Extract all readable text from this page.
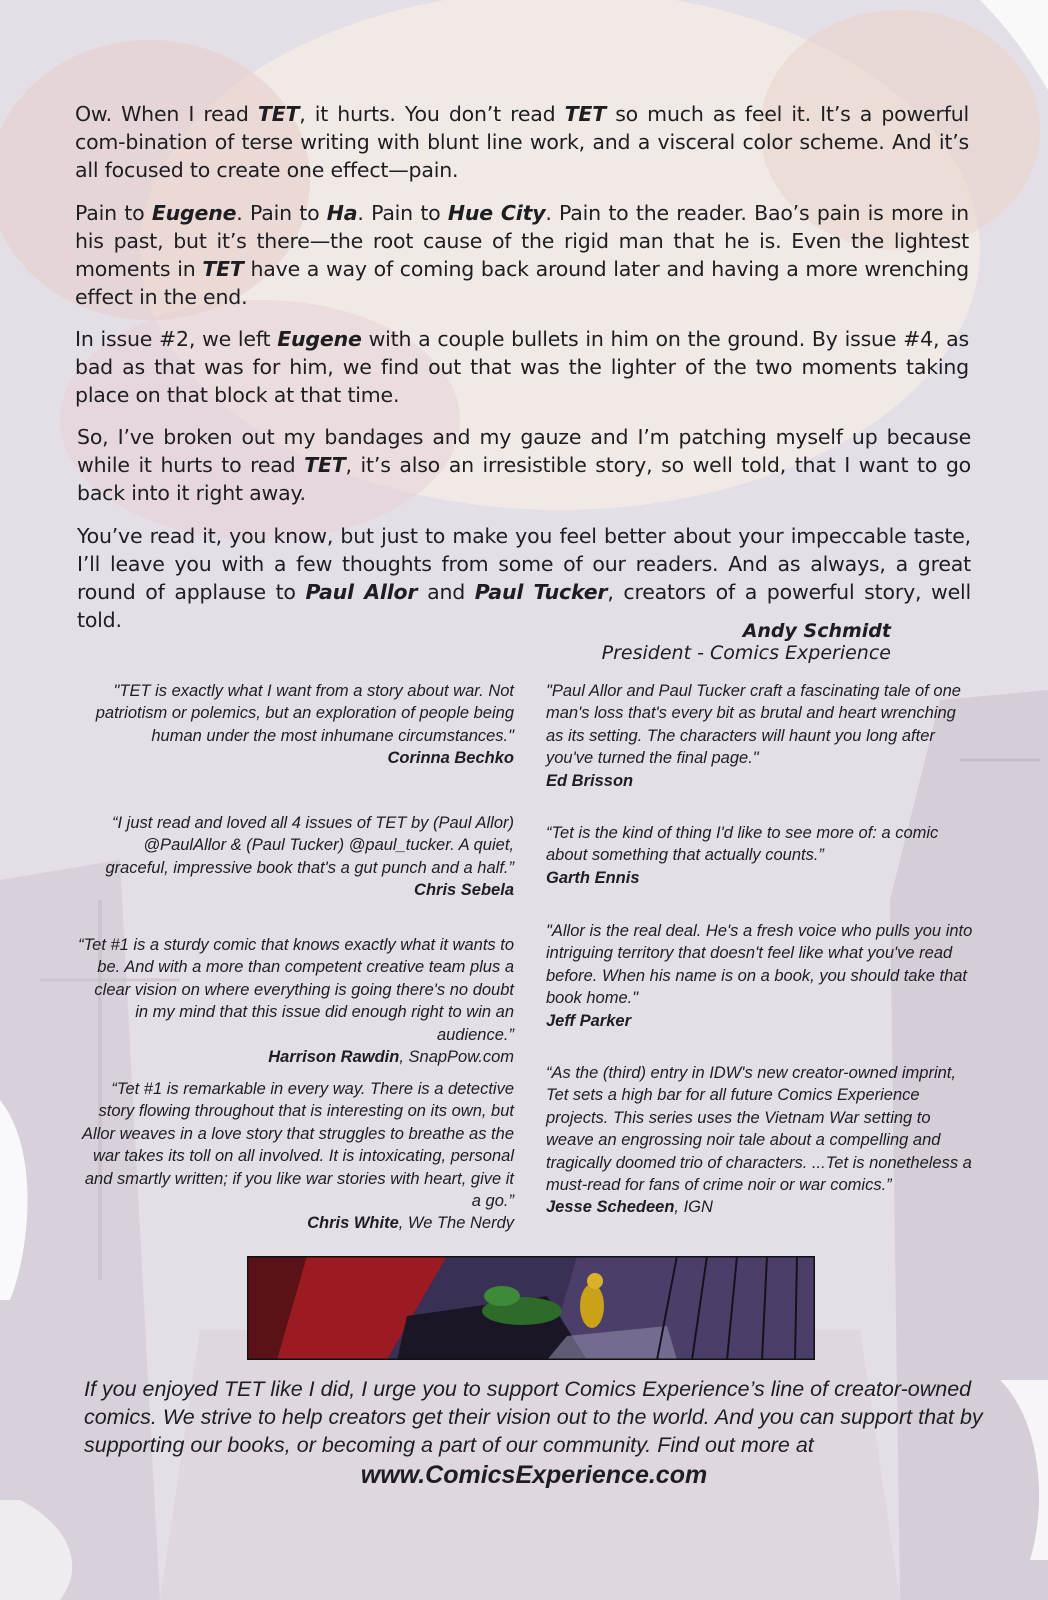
Ow. When I read TET, it hurts. You don’t read TET so much as feel it. It’s a powerful com-bination of terse writing with blunt line work, and a visceral color scheme. And it’s all focused to create one effect—pain.

Pain to Eugene. Pain to Ha. Pain to Hue City. Pain to the reader. Bao’s pain is more in his past, but it’s there—the root cause of the rigid man that he is. Even the lightest moments in TET have a way of coming back around later and having a more wrenching effect in the end.

In issue #2, we left Eugene with a couple bullets in him on the ground. By issue #4, as bad as that was for him, we find out that was the lighter of the two moments taking place on that block at that time.

So, I’ve broken out my bandages and my gauze and I’m patching myself up because while it hurts to read TET, it’s also an irresistible story, so well told, that I want to go back into it right away.

You’ve read it, you know, but just to make you feel better about your impeccable taste, I’ll leave you with a few thoughts from some of our readers. And as always, a great round of applause to Paul Allor and Paul Tucker, creators of a powerful story, well told.	Andy Schmidt
President - Comics Experience

"TET is exactly what I want from a story about war. Not patriotism or polemics, but an exploration of people being human under the most inhumane circumstances."
Corinna Bechko

“I just read and loved all 4 issues of TET by (Paul Allor) @PaulAllor & (Paul Tucker) @paul_tucker. A quiet, graceful, impressive book that's a gut punch and a half.”
Chris Sebela

“Tet #1 is a sturdy comic that knows exactly what it wants to be. And with a more than competent creative team plus a clear vision on where everything is going there's no doubt in my mind that this issue did enough right to win an audience.”
Harrison Rawdin, SnapPow.com

“Tet #1 is remarkable in every way. There is a detective story flowing throughout that is interesting on its own, but Allor weaves in a love story that struggles to breathe as the war takes its toll on all involved. It is intoxicating, personal and smartly written; if you like war stories with heart, give it a go.”
Chris White, We The Nerdy

"Paul Allor and Paul Tucker craft a fascinating tale of one man's loss that's every bit as brutal and heart wrenching as its setting. The characters will haunt you long after you've turned the final page."
Ed Brisson

“Tet is the kind of thing I'd like to see more of: a comic about something that actually counts.”
Garth Ennis

"Allor is the real deal. He's a fresh voice who pulls you into intriguing territory that doesn't feel like what you've read before. When his name is on a book, you should take that book home."
Jeff Parker

“As the (third) entry in IDW's new creator-owned imprint, Tet sets a high bar for all future Comics Experience projects. This series uses the Vietnam War setting to weave an engrossing noir tale about a compelling and tragically doomed trio of characters. ...Tet is nonetheless a must-read for fans of crime noir or war comics.”
Jesse Schedeen, IGN

If you enjoyed TET like I did, I urge you to support Comics Experience’s line of creator-owned comics. We strive to help creators get their vision out to the world. And you can support that by supporting our books, or becoming a part of our community. Find out more at
www.ComicsExperience.com
